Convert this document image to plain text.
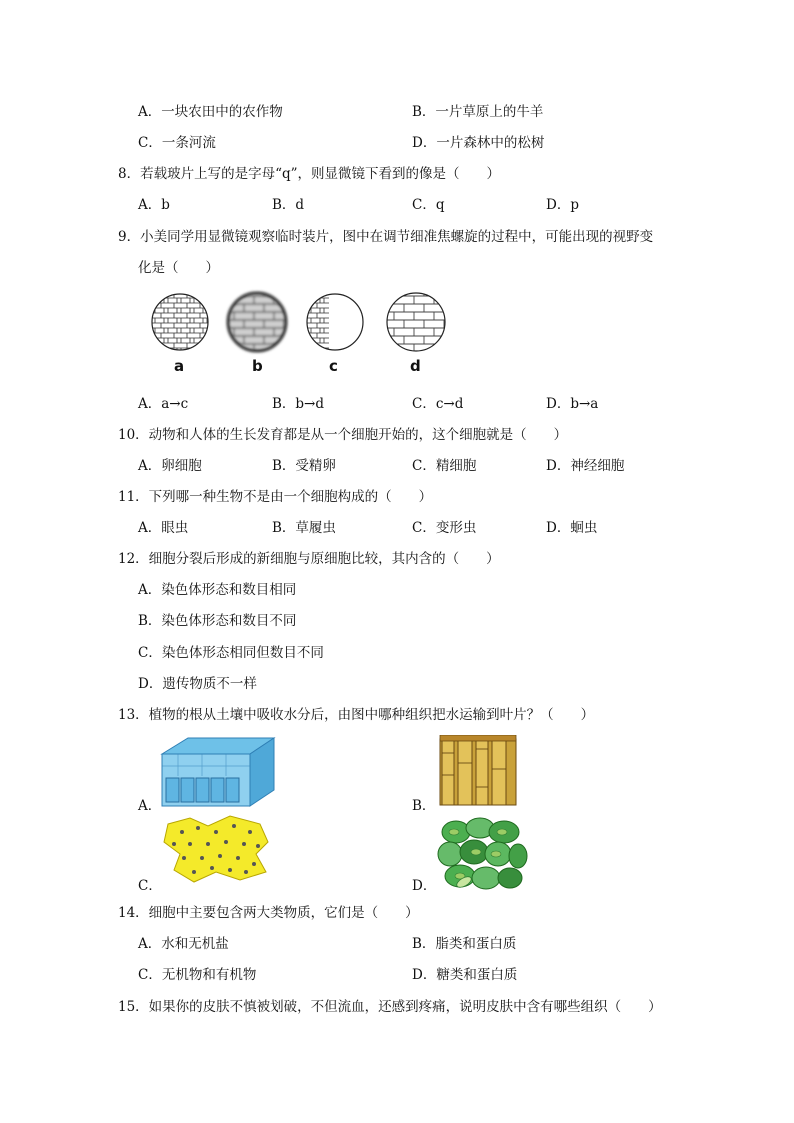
A．一块农田中的农作物	B．一片草原上的牛羊
C．一条河流	D．一片森林中的松树
8．若载玻片上写的是字母“q”，则显微镜下看到的像是（　　）
A．b	B．d	C．q	D．p
9．小美同学用显微镜观察临时装片，图中在调节细准焦螺旋的过程中，可能出现的视野变
化是（　　）
a	b	c	d
A．a→c	B．b→d	C．c→d	D．b→a
10．动物和人体的生长发育都是从一个细胞开始的，这个细胞就是（　　）
A．卵细胞	B．受精卵	C．精细胞	D．神经细胞
11．下列哪一种生物不是由一个细胞构成的（　　）
A．眼虫	B．草履虫	C．变形虫	D．蛔虫
12．细胞分裂后形成的新细胞与原细胞比较，其内含的（　　）
A．染色体形态和数目相同
B．染色体形态和数目不同
C．染色体形态相同但数目不同
D．遗传物质不一样
13．植物的根从土壤中吸收水分后，由图中哪种组织把水运输到叶片？（　　）
A．	B．
C．	D．
14．细胞中主要包含两大类物质，它们是（　　）
A．水和无机盐	B．脂类和蛋白质
C．无机物和有机物	D．糖类和蛋白质
15．如果你的皮肤不慎被划破，不但流血，还感到疼痛，说明皮肤中含有哪些组织（　　）
